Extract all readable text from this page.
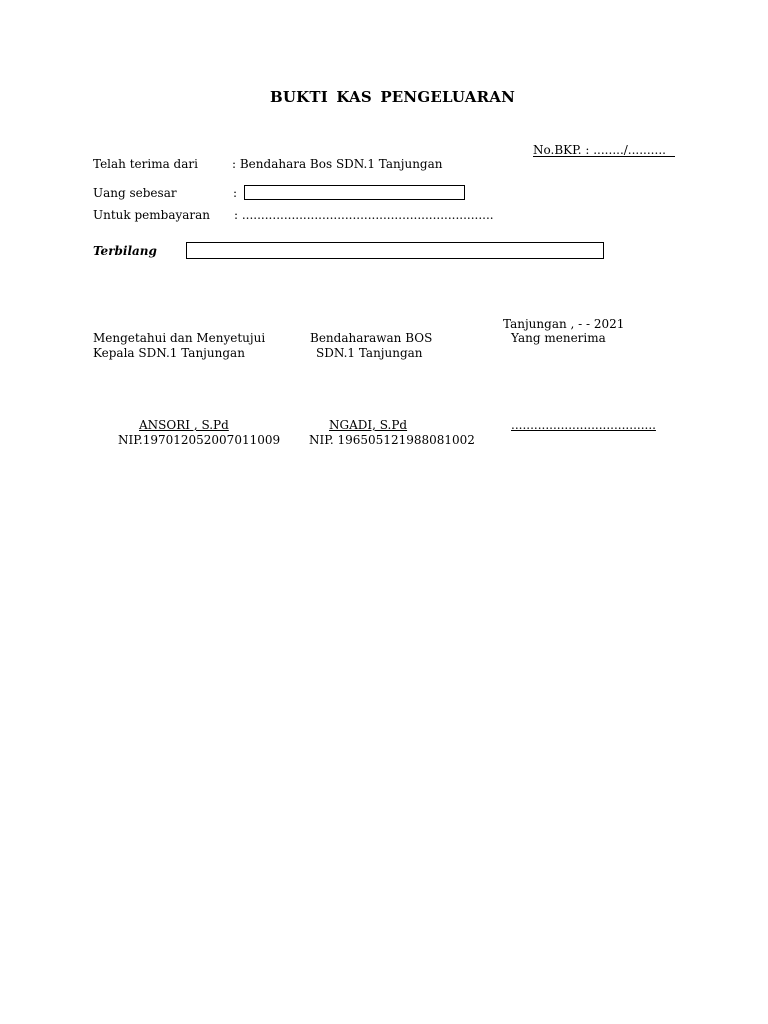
BUKTI KAS PENGELUARAN
No.BKP. : ......../..........
Telah terima dari	: Bendahara Bos SDN.1 Tanjungan
Uang sebesar	:
Untuk pembayaran : ..................................................................
Terbilang
Tanjungan , - - 2021
Mengetahui dan Menyetujui
Kepala SDN.1 Tanjungan
Bendaharawan BOS
SDN.1 Tanjungan
Yang menerima
ANSORI , S.Pd
NIP.197012052007011009
NGADI, S.Pd
NIP. 196505121988081002
......................................
